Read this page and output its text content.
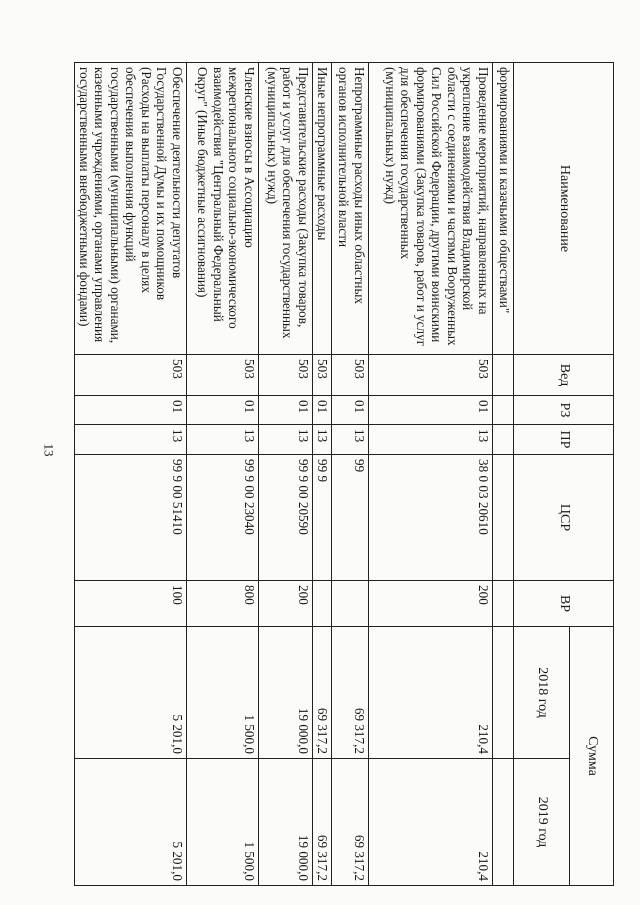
13
Наименование	Вед	РЗ	ПР	ЦСР	ВР	Сумма	
						2018 год	2019 год
формированиями и казачьими обществами"							
Проведение мероприятий, направленных на укрепление взаимодействия Владимирской области с соединениями и частями Вооруженных Сил Российской Федерации, другими воинскими формированиями (Закупка товаров, работ и услуг для обеспечения государственных (муниципальных) нужд)	503	01	13	38 0 03 20610	200	210,4	210,4
Непрограммные расходы иных областных органов исполнительной власти	503	01	13	99		69 317,2	69 317,2
Иные непрограммные расходы	503	01	13	99 9		69 317,2	69 317,2
Представительские расходы (Закупка товаров, работ и услуг для обеспечения государственных (муниципальных) нужд)	503	01	13	99 9 00 20590	200	19 000,0	19 000,0
Членские взносы в Ассоциацию межрегионального социально-экономического взаимодействия "Центральный Федеральный Округ" (Иные бюджетные ассигнования)	503	01	13	99 9 00 23040	800	1 500,0	1 500,0
Обеспечение деятельности депутатов Государственной Думы и их помощников (Расходы на выплаты персоналу в целях обеспечения выполнения функций государственными (муниципальными) органами, казенными учреждениями, органами управления государственными внебюджетными фондами)	503	01	13	99 9 00 51410	100	5 201,0	5 201,0
